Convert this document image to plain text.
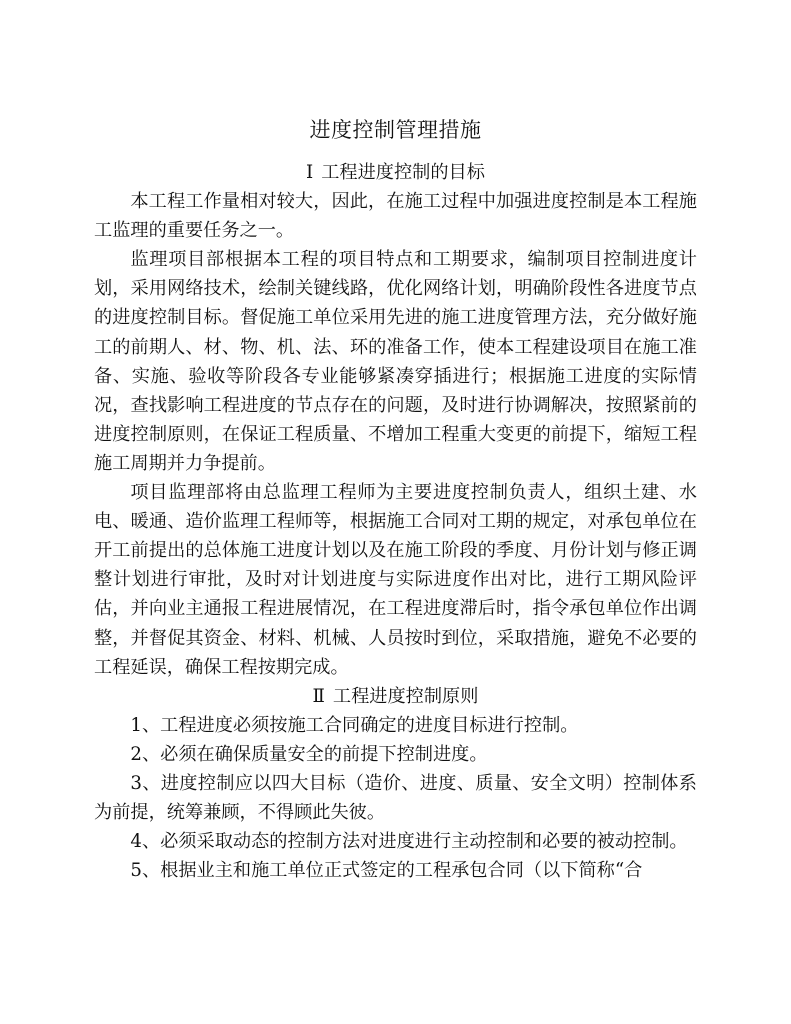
进度控制管理措施

Ⅰ 工程进度控制的目标

本工程工作量相对较大，因此，在施工过程中加强进度控制是本工程施工监理的重要任务之一。

监理项目部根据本工程的项目特点和工期要求，编制项目控制进度计划，采用网络技术，绘制关键线路，优化网络计划，明确阶段性各进度节点的进度控制目标。督促施工单位采用先进的施工进度管理方法，充分做好施工的前期人、材、物、机、法、环的准备工作，使本工程建设项目在施工准备、实施、验收等阶段各专业能够紧凑穿插进行；根据施工进度的实际情况，查找影响工程进度的节点存在的问题，及时进行协调解决，按照紧前的进度控制原则，在保证工程质量、不增加工程重大变更的前提下，缩短工程施工周期并力争提前。

项目监理部将由总监理工程师为主要进度控制负责人，组织土建、水电、暖通、造价监理工程师等，根据施工合同对工期的规定，对承包单位在开工前提出的总体施工进度计划以及在施工阶段的季度、月份计划与修正调整计划进行审批，及时对计划进度与实际进度作出对比，进行工期风险评估，并向业主通报工程进展情况，在工程进度滞后时，指令承包单位作出调整，并督促其资金、材料、机械、人员按时到位，采取措施，避免不必要的工程延误，确保工程按期完成。

Ⅱ 工程进度控制原则

1、工程进度必须按施工合同确定的进度目标进行控制。

2、必须在确保质量安全的前提下控制进度。

3、进度控制应以四大目标（造价、进度、质量、安全文明）控制体系为前提，统筹兼顾，不得顾此失彼。

4、必须采取动态的控制方法对进度进行主动控制和必要的被动控制。

5、根据业主和施工单位正式签定的工程承包合同（以下简称“合
